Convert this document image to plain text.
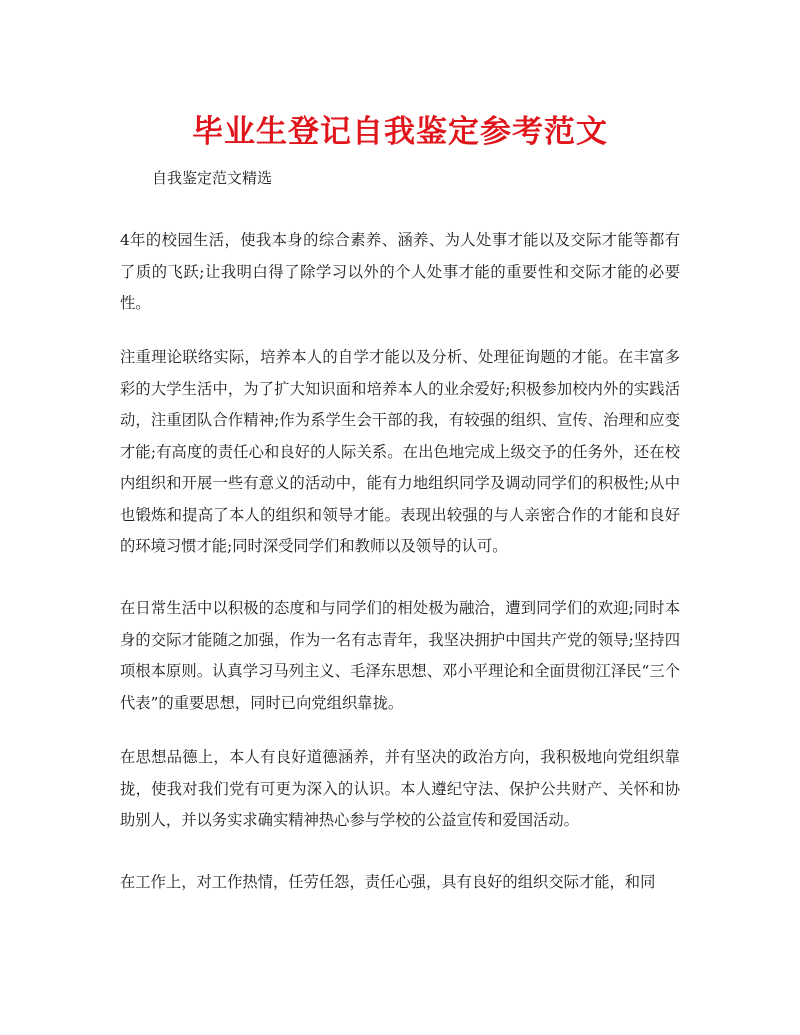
毕业生登记自我鉴定参考范文

自我鉴定范文精选

4年的校园生活，使我本身的综合素养、涵养、为人处事才能以及交际才能等都有了质的飞跃;让我明白得了除学习以外的个人处事才能的重要性和交际才能的必要性。

注重理论联络实际，培养本人的自学才能以及分析、处理征询题的才能。在丰富多彩的大学生活中，为了扩大知识面和培养本人的业余爱好;积极参加校内外的实践活动，注重团队合作精神;作为系学生会干部的我，有较强的组织、宣传、治理和应变才能;有高度的责任心和良好的人际关系。在出色地完成上级交予的任务外，还在校内组织和开展一些有意义的活动中，能有力地组织同学及调动同学们的积极性;从中也锻炼和提高了本人的组织和领导才能。表现出较强的与人亲密合作的才能和良好的环境习惯才能;同时深受同学们和教师以及领导的认可。

在日常生活中以积极的态度和与同学们的相处极为融洽，遭到同学们的欢迎;同时本身的交际才能随之加强，作为一名有志青年，我坚决拥护中国共产党的领导;坚持四项根本原则。认真学习马列主义、毛泽东思想、邓小平理论和全面贯彻江泽民“三个代表”的重要思想，同时已向党组织靠拢。

在思想品德上，本人有良好道德涵养，并有坚决的政治方向，我积极地向党组织靠拢，使我对我们党有可更为深入的认识。本人遵纪守法、保护公共财产、关怀和协助别人，并以务实求确实精神热心参与学校的公益宣传和爱国活动。

在工作上，对工作热情，任劳任怨，责任心强，具有良好的组织交际才能，和同
